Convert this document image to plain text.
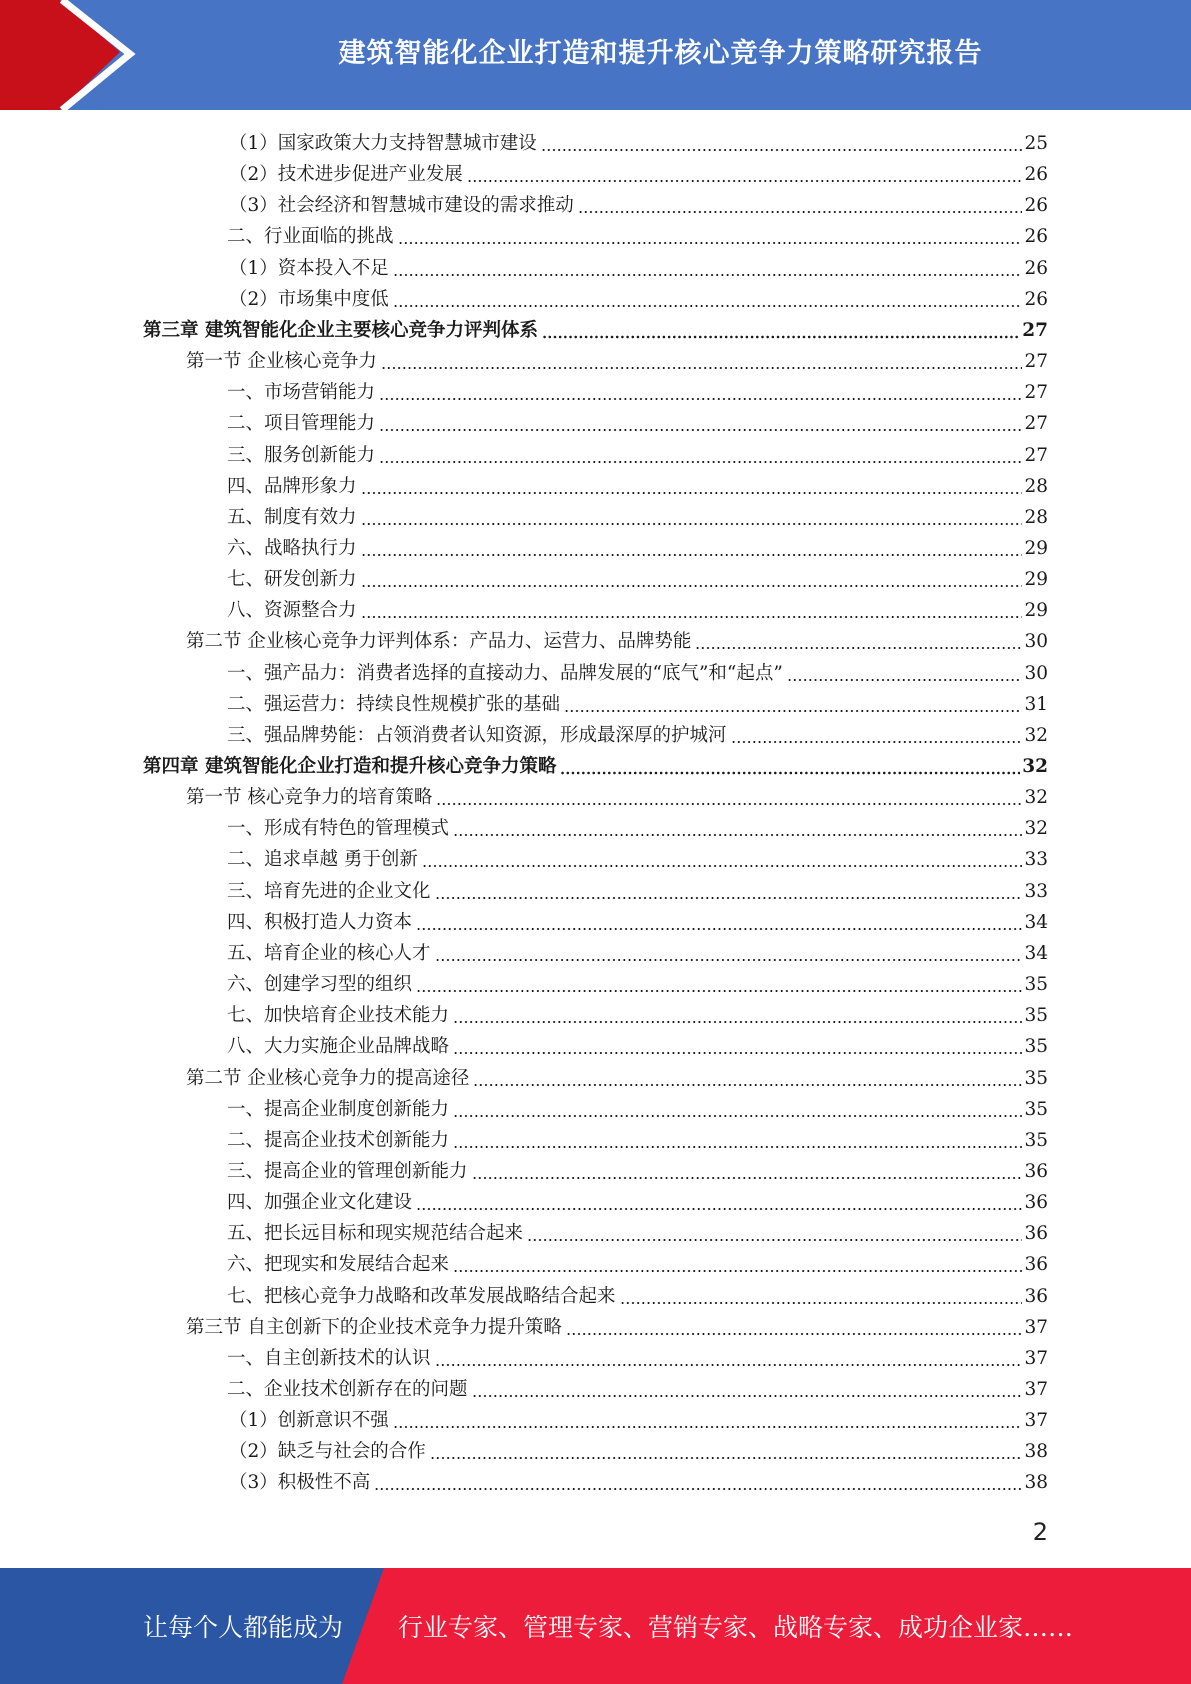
建筑智能化企业打造和提升核心竞争力策略研究报告
（1）国家政策大力支持智慧城市建设	25
（2）技术进步促进产业发展	26
（3）社会经济和智慧城市建设的需求推动	26
二、行业面临的挑战	26
（1）资本投入不足	26
（2）市场集中度低	26
第三章 建筑智能化企业主要核心竞争力评判体系	27
第一节 企业核心竞争力	27
一、市场营销能力	27
二、项目管理能力	27
三、服务创新能力	27
四、品牌形象力	28
五、制度有效力	28
六、战略执行力	29
七、研发创新力	29
八、资源整合力	29
第二节 企业核心竞争力评判体系：产品力、运营力、品牌势能	30
一、强产品力：消费者选择的直接动力、品牌发展的“底气”和“起点”	30
二、强运营力：持续良性规模扩张的基础	31
三、强品牌势能：占领消费者认知资源，形成最深厚的护城河	32
第四章 建筑智能化企业打造和提升核心竞争力策略	32
第一节 核心竞争力的培育策略	32
一、形成有特色的管理模式	32
二、追求卓越 勇于创新	33
三、培育先进的企业文化	33
四、积极打造人力资本	34
五、培育企业的核心人才	34
六、创建学习型的组织	35
七、加快培育企业技术能力	35
八、大力实施企业品牌战略	35
第二节 企业核心竞争力的提高途径	35
一、提高企业制度创新能力	35
二、提高企业技术创新能力	35
三、提高企业的管理创新能力	36
四、加强企业文化建设	36
五、把长远目标和现实规范结合起来	36
六、把现实和发展结合起来	36
七、把核心竞争力战略和改革发展战略结合起来	36
第三节 自主创新下的企业技术竞争力提升策略	37
一、自主创新技术的认识	37
二、企业技术创新存在的问题	37
（1）创新意识不强	37
（2）缺乏与社会的合作	38
（3）积极性不高	38
2
让每个人都能成为 行业专家、管理专家、营销专家、战略专家、成功企业家……
